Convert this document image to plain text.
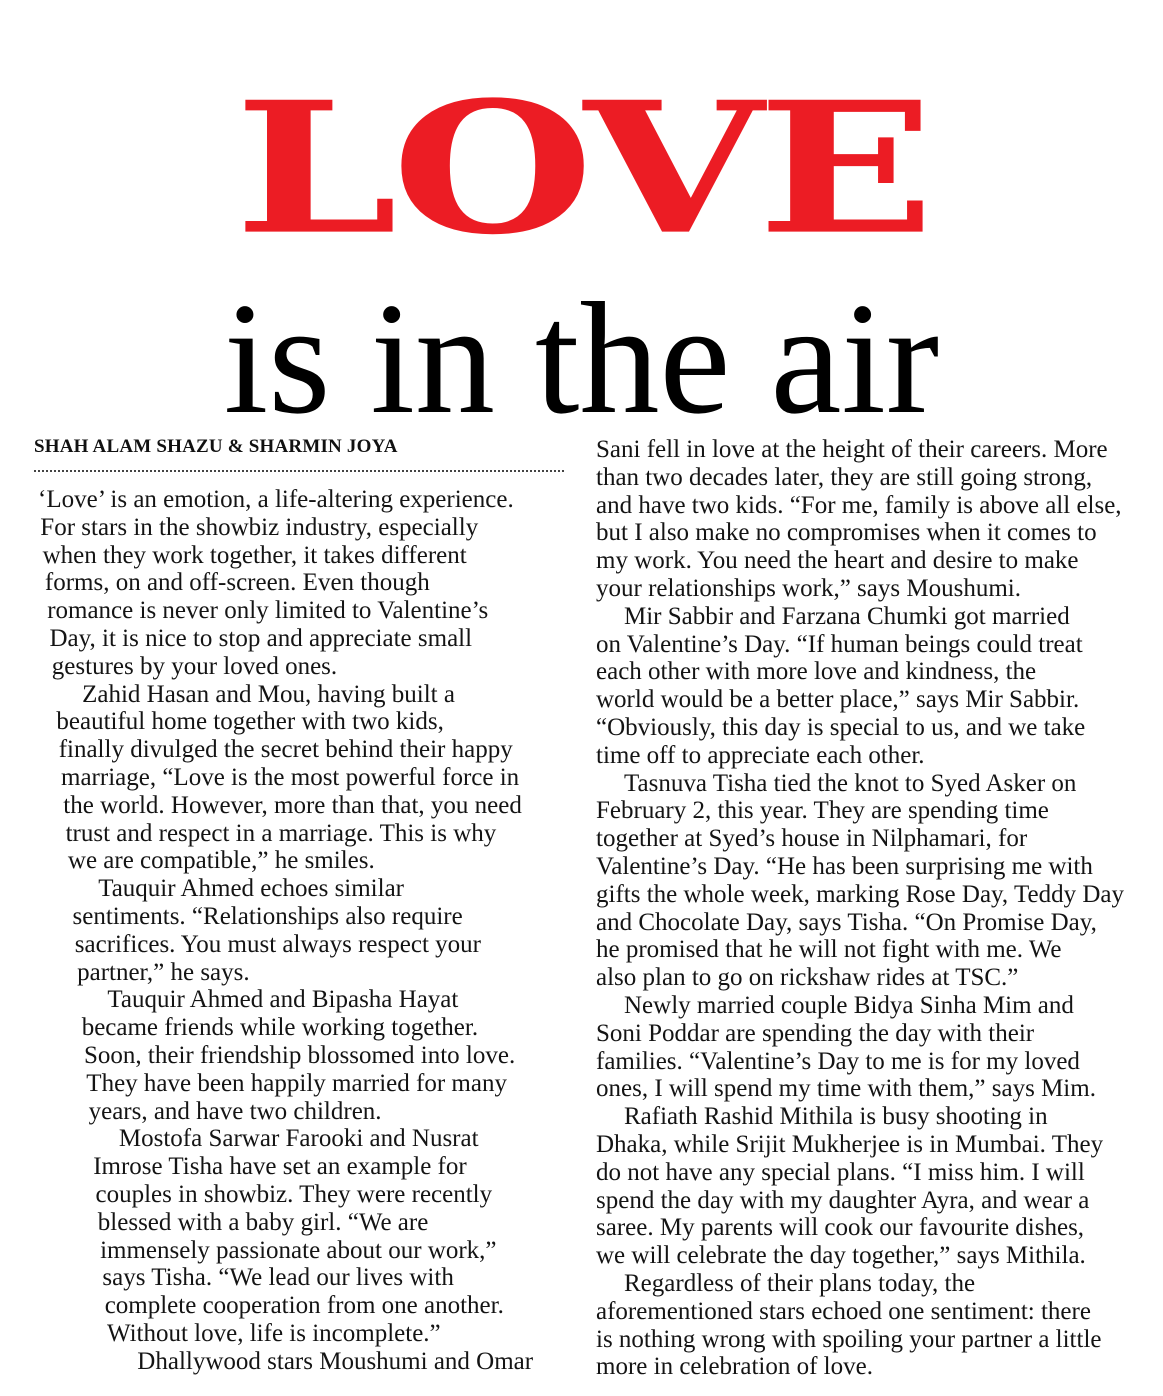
LOVE
is in the air
SHAH ALAM SHAZU & SHARMIN JOYA

‘Love’ is an emotion, a life-altering experience.

For stars in the showbiz industry, especially

when they work together, it takes different

forms, on and off-screen. Even though

romance is never only limited to Valentine’s

Day, it is nice to stop and appreciate small

gestures by your loved ones.

Zahid Hasan and Mou, having built a

beautiful home together with two kids,

finally divulged the secret behind their happy

marriage, “Love is the most powerful force in

the world. However, more than that, you need

trust and respect in a marriage. This is why

we are compatible,” he smiles.

Tauquir Ahmed echoes similar

sentiments. “Relationships also require

sacrifices. You must always respect your

partner,” he says.

Tauquir Ahmed and Bipasha Hayat

became friends while working together.

Soon, their friendship blossomed into love.

They have been happily married for many

years, and have two children.

Mostofa Sarwar Farooki and Nusrat

Imrose Tisha have set an example for

couples in showbiz. They were recently

blessed with a baby girl. “We are

immensely passionate about our work,”

says Tisha. “We lead our lives with

complete cooperation from one another.

Without love, life is incomplete.”

Dhallywood stars Moushumi and Omar

Sani fell in love at the height of their careers. More

than two decades later, they are still going strong,

and have two kids. “For me, family is above all else,

but I also make no compromises when it comes to

my work. You need the heart and desire to make

your relationships work,” says Moushumi.

Mir Sabbir and Farzana Chumki got married

on Valentine’s Day. “If human beings could treat

each other with more love and kindness, the

world would be a better place,” says Mir Sabbir.

“Obviously, this day is special to us, and we take

time off to appreciate each other.

Tasnuva Tisha tied the knot to Syed Asker on

February 2, this year. They are spending time

together at Syed’s house in Nilphamari, for

Valentine’s Day. “He has been surprising me with

gifts the whole week, marking Rose Day, Teddy Day

and Chocolate Day, says Tisha. “On Promise Day,

he promised that he will not fight with me. We

also plan to go on rickshaw rides at TSC.”

Newly married couple Bidya Sinha Mim and

Soni Poddar are spending the day with their

families. “Valentine’s Day to me is for my loved

ones, I will spend my time with them,” says Mim.

Rafiath Rashid Mithila is busy shooting in

Dhaka, while Srijit Mukherjee is in Mumbai. They

do not have any special plans. “I miss him. I will

spend the day with my daughter Ayra, and wear a

saree. My parents will cook our favourite dishes,

we will celebrate the day together,” says Mithila.

Regardless of their plans today, the

aforementioned stars echoed one sentiment: there

is nothing wrong with spoiling your partner a little

more in celebration of love.
